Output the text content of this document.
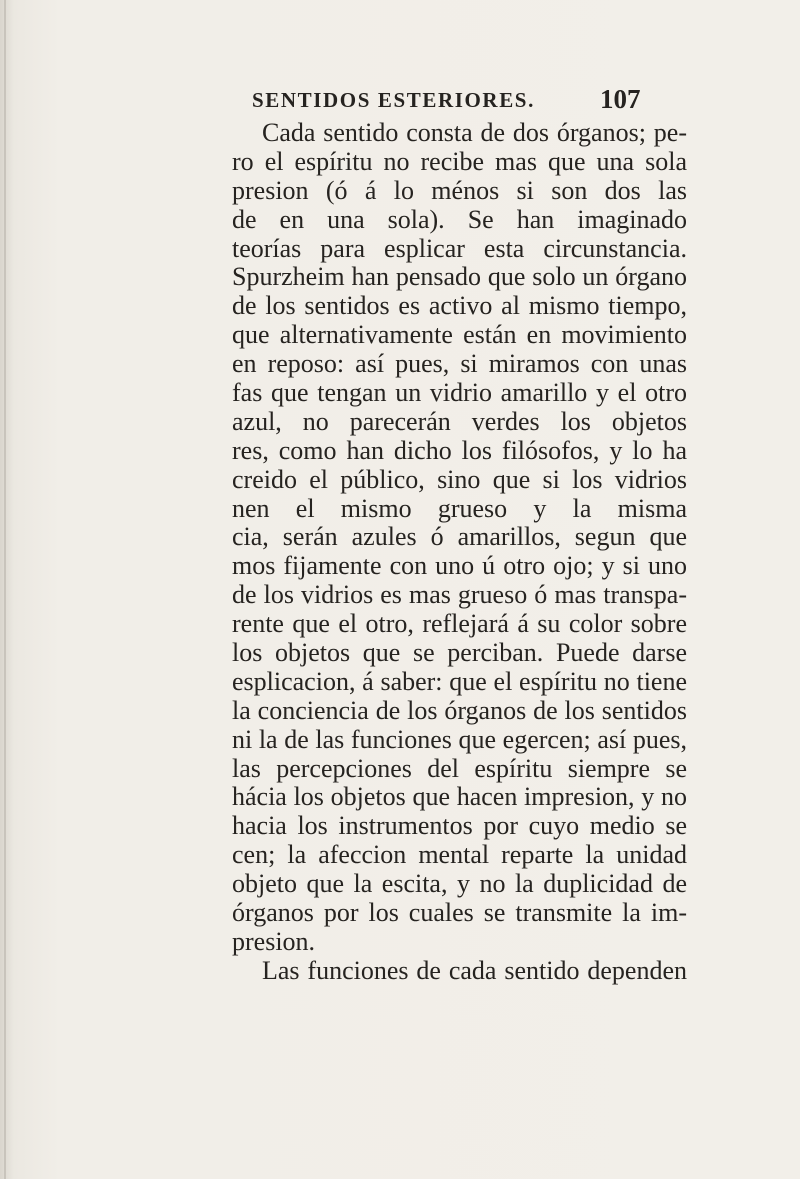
SENTIDOS ESTERIORES. 107
Cada sentido consta de dos órganos; pe-
ro el espíritu no recibe mas que una sola
presion (ó á lo ménos si son dos las
de en una sola). Se han imaginado
teorías para esplicar esta circunstancia.
Spurzheim han pensado que solo un órgano
de los sentidos es activo al mismo tiempo,
que alternativamente están en movimiento
en reposo: así pues, si miramos con unas
fas que tengan un vidrio amarillo y el otro
azul, no parecerán verdes los objetos
res, como han dicho los filósofos, y lo ha
creido el público, sino que si los vidrios
nen el mismo grueso y la misma
cia, serán azules ó amarillos, segun que
mos fijamente con uno ú otro ojo; y si uno
de los vidrios es mas grueso ó mas transpa-
rente que el otro, reflejará á su color sobre
los objetos que se perciban. Puede darse
esplicacion, á saber: que el espíritu no tiene
la conciencia de los órganos de los sentidos
ni la de las funciones que egercen; así pues,
las percepciones del espíritu siempre se
hácia los objetos que hacen impresion, y no
hacia los instrumentos por cuyo medio se
cen; la afeccion mental reparte la unidad
objeto que la escita, y no la duplicidad de
órganos por los cuales se transmite la im-
presion.
Las funciones de cada sentido dependen
